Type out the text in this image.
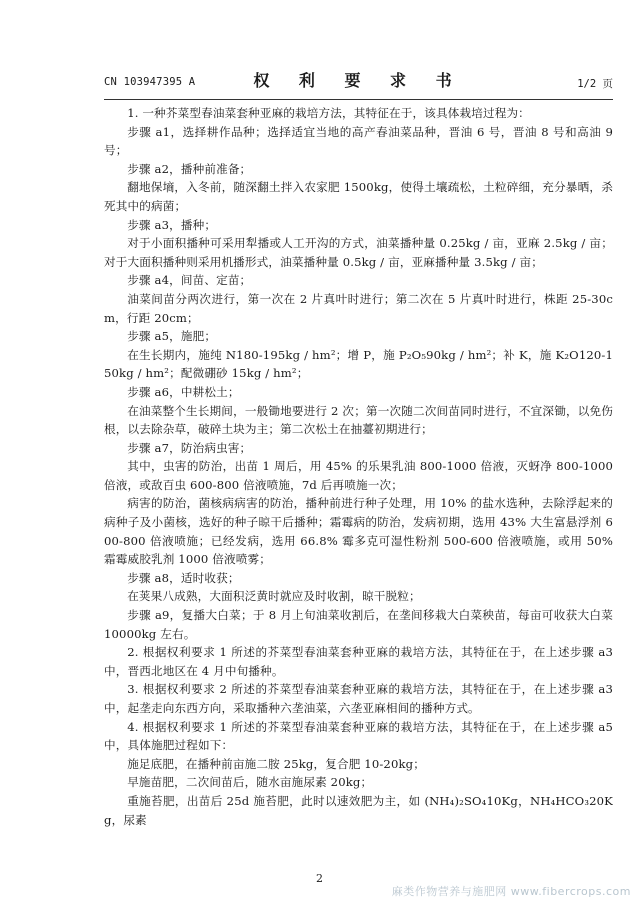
CN 103947395 A	权 利 要 求 书	1/2 页

1. 一种芥菜型春油菜套种亚麻的栽培方法，其特征在于，该具体栽培过程为：

步骤 a1，选择耕作品种；选择适宜当地的高产春油菜品种，晋油 6 号，晋油 8 号和高油 9 号；

步骤 a2，播种前准备；

翻地保墒，入冬前，随深翻土拌入农家肥 1500kg，使得土壤疏松，土粒碎细，充分暴晒，杀死其中的病菌；

步骤 a3，播种；

对于小面积播种可采用犁播或人工开沟的方式，油菜播种量 0.25kg / 亩，亚麻 2.5kg / 亩；对于大面积播种则采用机播形式，油菜播种量 0.5kg / 亩，亚麻播种量 3.5kg / 亩；

步骤 a4，间苗、定苗；

油菜间苗分两次进行，第一次在 2 片真叶时进行；第二次在 5 片真叶时进行，株距 25-30cm，行距 20cm；

步骤 a5，施肥；

在生长期内，施纯 N180-195kg / hm²；增 P，施 P₂O₅90kg / hm²；补 K，施 K₂O120-150kg / hm²；配微硼砂 15kg / hm²；

步骤 a6，中耕松土；

在油菜整个生长期间，一般锄地要进行 2 次；第一次随二次间苗同时进行，不宜深锄，以免伤根，以去除杂草，破碎土块为主；第二次松土在抽薹初期进行；

步骤 a7，防治病虫害；

其中，虫害的防治，出苗 1 周后，用 45% 的乐果乳油 800-1000 倍液，灭蚜净 800-1000 倍液，或敌百虫 600-800 倍液喷施，7d 后再喷施一次；

病害的防治，菌核病病害的防治，播种前进行种子处理，用 10% 的盐水选种，去除浮起来的病种子及小菌核，选好的种子晾干后播种；霜霉病的防治，发病初期，选用 43% 大生富悬浮剂 600-800 倍液喷施；已经发病，选用 66.8% 霉多克可湿性粉剂 500-600 倍液喷施，或用 50% 霜霉威胶乳剂 1000 倍液喷雾；

步骤 a8，适时收获；

在荚果八成熟，大面积泛黄时就应及时收割，晾干脱粒；

步骤 a9，复播大白菜；于 8 月上旬油菜收割后，在垄间移栽大白菜秧苗，每亩可收获大白菜 10000kg 左右。

2. 根据权利要求 1 所述的芥菜型春油菜套种亚麻的栽培方法，其特征在于，在上述步骤 a3 中，晋西北地区在 4 月中旬播种。

3. 根据权利要求 2 所述的芥菜型春油菜套种亚麻的栽培方法，其特征在于，在上述步骤 a3 中，起垄走向东西方向，采取播种六垄油菜，六垄亚麻相间的播种方式。

4. 根据权利要求 1 所述的芥菜型春油菜套种亚麻的栽培方法，其特征在于，在上述步骤 a5 中，具体施肥过程如下：

施足底肥，在播种前亩施二胺 25kg，复合肥 10-20kg；

早施苗肥，二次间苗后，随水亩施尿素 20kg；

重施苔肥，出苗后 25d 施苔肥，此时以速效肥为主，如 (NH₄)₂SO₄10Kg，NH₄HCO₃20Kg，尿素

2
麻类作物营养与施肥网 www.fibercrops.com
